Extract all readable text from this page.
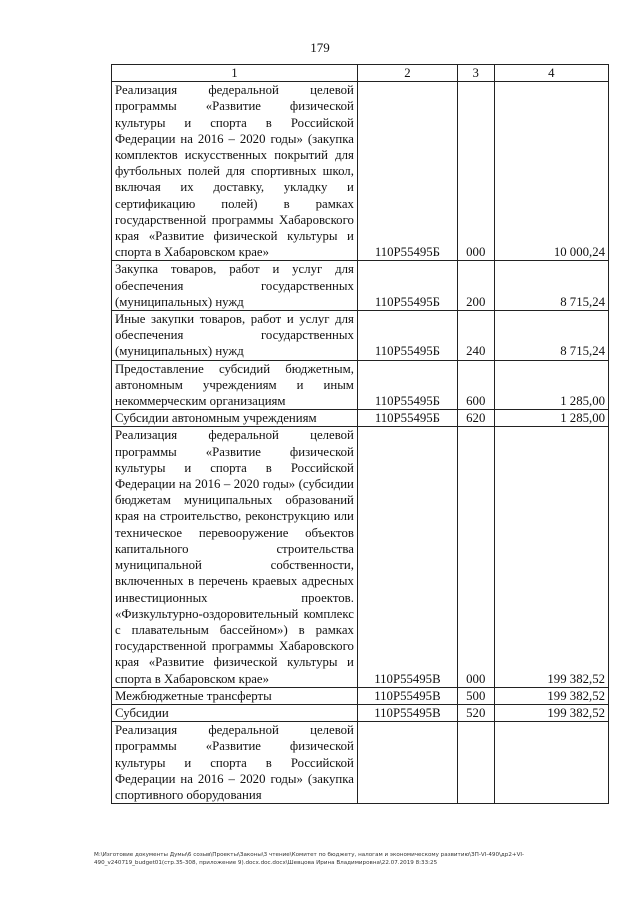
179
1	2	3	4
Реализация федеральной целевой программы «Развитие физической культуры и спорта в Российской Федерации на 2016 – 2020 годы» (закупка комплектов искусственных покрытий для футбольных полей для спортивных школ, включая их доставку, укладку и сертификацию полей) в рамках государственной программы Хабаровского края «Развитие физической культуры и спорта в Хабаровском крае»	110P55495Б	000	10 000,24
Закупка товаров, работ и услуг для обеспечения государственных (муниципальных) нужд	110P55495Б	200	8 715,24
Иные закупки товаров, работ и услуг для обеспечения государственных (муниципальных) нужд	110P55495Б	240	8 715,24
Предоставление субсидий бюджетным, автономным учреждениям и иным некоммерческим организациям	110P55495Б	600	1 285,00
Субсидии автономным учреждениям	110P55495Б	620	1 285,00
Реализация федеральной целевой программы «Развитие физической культуры и спорта в Российской Федерации на 2016 – 2020 годы» (субсидии бюджетам муниципальных образований края на строительство, реконструкцию или техническое перевооружение объектов капитального строительства муниципальной собственности, включенных в перечень краевых адресных инвестиционных проектов. «Физкультурно-оздоровительный комплекс с плавательным бассейном») в рамках государственной программы Хабаровского края «Развитие физической культуры и спорта в Хабаровском крае»	110P55495В	000	199 382,52
Межбюджетные трансферты	110P55495В	500	199 382,52
Субсидии	110P55495В	520	199 382,52
Реализация федеральной целевой программы «Развитие физической культуры и спорта в Российской Федерации на 2016 – 2020 годы» (закупка спортивного оборудования			
M:\Изготовие документы Думы\6 созыв\Проекты\Законы\3 чтение\Комитет по бюджету, налогам и экономическому развитию\ЗП-VI-490\др2+VI-490_v240719_budget01(стр.35-308, приложение 9).docx.doc.docx\Шевцова Ирина Владимировна\22.07.2019 8:33:25
